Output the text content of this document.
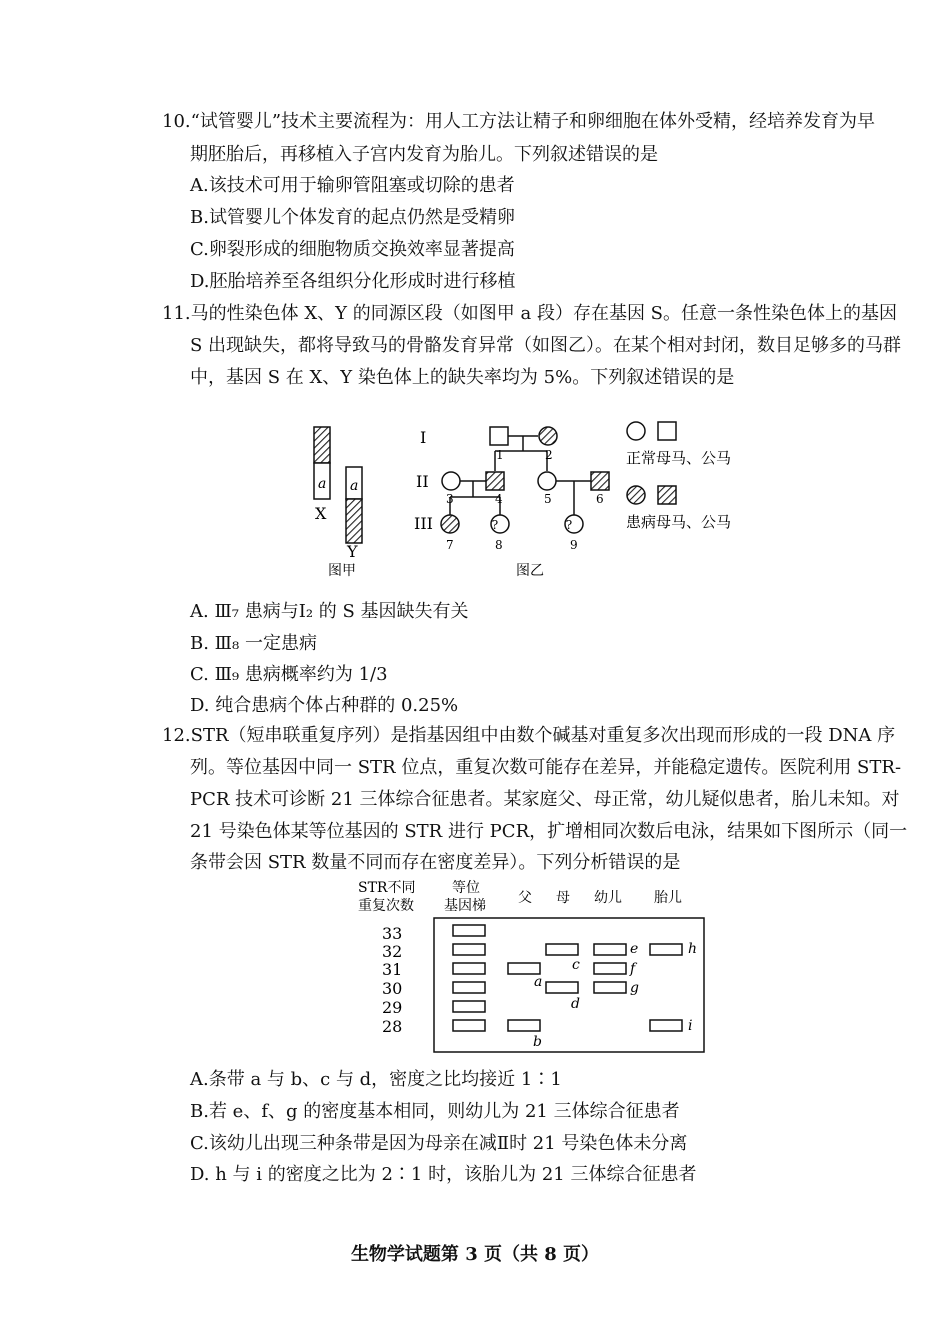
10.“试管婴儿”技术主要流程为：用人工方法让精子和卵细胞在体外受精，经培养发育为早
期胚胎后，再移植入子宫内发育为胎儿。下列叙述错误的是
A.该技术可用于输卵管阻塞或切除的患者
B.试管婴儿个体发育的起点仍然是受精卵
C.卵裂形成的细胞物质交换效率显著提高
D.胚胎培养至各组织分化形成时进行移植
11.马的性染色体 X、Y 的同源区段（如图甲 a 段）存在基因 S。任意一条性染色体上的基因
S 出现缺失，都将导致马的骨骼发育异常（如图乙）。在某个相对封闭，数目足够多的马群
中，基因 S 在 X、Y 染色体上的缺失率均为 5%。下列叙述错误的是
a
X
a
Y
图甲
?	?
I
II
III
1	2
3	4	5	6
7	8	9
图乙
正常母马、公马
患病母马、公马
A. Ⅲ₇ 患病与Ⅰ₂ 的 S 基因缺失有关
B. Ⅲ₈ 一定患病
C. Ⅲ₉ 患病概率约为 1/3
D. 纯合患病个体占种群的 0.25%
12.STR（短串联重复序列）是指基因组中由数个碱基对重复多次出现而形成的一段 DNA 序
列。等位基因中同一 STR 位点，重复次数可能存在差异，并能稳定遗传。医院利用 STR-
PCR 技术可诊断 21 三体综合征患者。某家庭父、母正常，幼儿疑似患者，胎儿未知。对
21 号染色体某等位基因的 STR 进行 PCR，扩增相同次数后电泳，结果如下图所示（同一
条带会因 STR 数量不同而存在密度差异）。下列分析错误的是
STR不同
重复次数
等位
基因梯 父 母 幼儿 胎儿
33
32
31
30
29
28
a
b
c
d
e
f
g
h
i
A.条带 a 与 b、c 与 d，密度之比均接近 1∶1
B.若 e、f、g 的密度基本相同，则幼儿为 21 三体综合征患者
C.该幼儿出现三种条带是因为母亲在减Ⅱ时 21 号染色体未分离
D. h 与 i 的密度之比为 2∶1 时，该胎儿为 21 三体综合征患者
生物学试题第 3 页（共 8 页）
